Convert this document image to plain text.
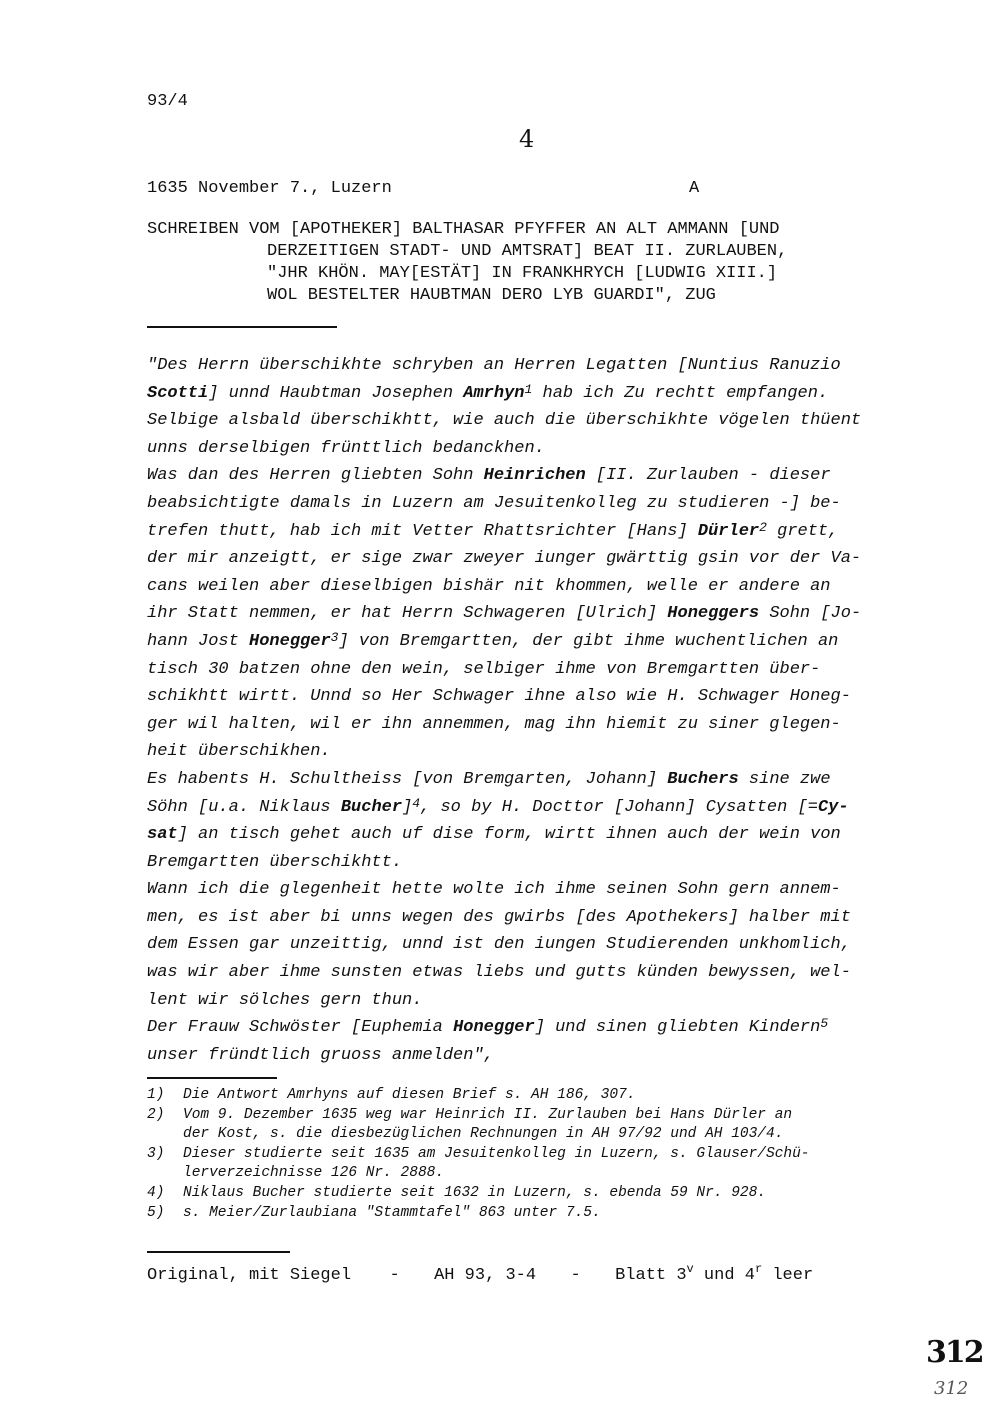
93/4
4
1635 November 7., Luzern	A
SCHREIBEN VOM [APOTHEKER] BALTHASAR PFYFFER AN ALT AMMANN [UND
DERZEITIGEN STADT- UND AMTSRAT] BEAT II. ZURLAUBEN,
"JHR KHÖN. MAY[ESTÄT] IN FRANKHRYCH [LUDWIG XIII.]
WOL BESTELTER HAUBTMAN DERO LYB GUARDI", ZUG
"Des Herrn überschikhte schryben an Herren Legatten [Nuntius Ranuzio
Scotti] unnd Haubtman Josephen Amrhyn$^1$ hab ich Zu rechtt empfangen.
Selbige alsbald überschikhtt, wie auch die überschikhte vögelen thüent
unns derselbigen frünttlich bedanckhen.
Was dan des Herren gliebten Sohn Heinrichen [II. Zurlauben - dieser
beabsichtigte damals in Luzern am Jesuitenkolleg zu studieren -] be-
trefen thutt, hab ich mit Vetter Rhattsrichter [Hans] Dürler$^2$ grett,
der mir anzeigtt, er sige zwar zweyer iunger gwärttig gsin vor der Va-
cans weilen aber dieselbigen bishär nit khommen, welle er andere an
ihr Statt nemmen, er hat Herrn Schwageren [Ulrich] Honeggers Sohn [Jo-
hann Jost Honegger$^3$] von Bremgartten, der gibt ihme wuchentlichen an
tisch 30 batzen ohne den wein, selbiger ihme von Bremgartten über-
schikhtt wirtt. Unnd so Her Schwager ihne also wie H. Schwager Honeg-
ger wil halten, wil er ihn annemmen, mag ihn hiemit zu siner glegen-
heit überschikhen.
Es habents H. Schultheiss [von Bremgarten, Johann] Buchers sine zwe
Söhn [u.a. Niklaus Bucher]$^4$, so by H. Docttor [Johann] Cysatten [=Cy-
sat] an tisch gehet auch uf dise form, wirtt ihnen auch der wein von
Bremgartten überschikhtt.
Wann ich die glegenheit hette wolte ich ihme seinen Sohn gern annem-
men, es ist aber bi unns wegen des gwirbs [des Apothekers] halber mit
dem Essen gar unzeittig, unnd ist den iungen Studierenden unkhomlich,
was wir aber ihme sunsten etwas liebs und gutts künden bewyssen, wel-
lent wir sölches gern thun.
Der Frauw Schwöster [Euphemia Honegger] und sinen gliebten Kindern$^5$
unser fründtlich gruoss anmelden",
1)	Die Antwort Amrhyns auf diesen Brief s. AH 186, 307.
2)	Vom 9. Dezember 1635 weg war Heinrich II. Zurlauben bei Hans Dürler an
der Kost, s. die diesbezüglichen Rechnungen in AH 97/92 und AH 103/4.
3)	Dieser studierte seit 1635 am Jesuitenkolleg in Luzern, s. Glauser/Schü-
lerverzeichnisse 126 Nr. 2888.
4)	Niklaus Bucher studierte seit 1632 in Luzern, s. ebenda 59 Nr. 928.
5)	s. Meier/Zurlaubiana "Stammtafel" 863 unter 7.5.
Original, mit Siegel - AH 93, 3-4 - Blatt 3$^v$ und 4$^r$ leer
312
312
